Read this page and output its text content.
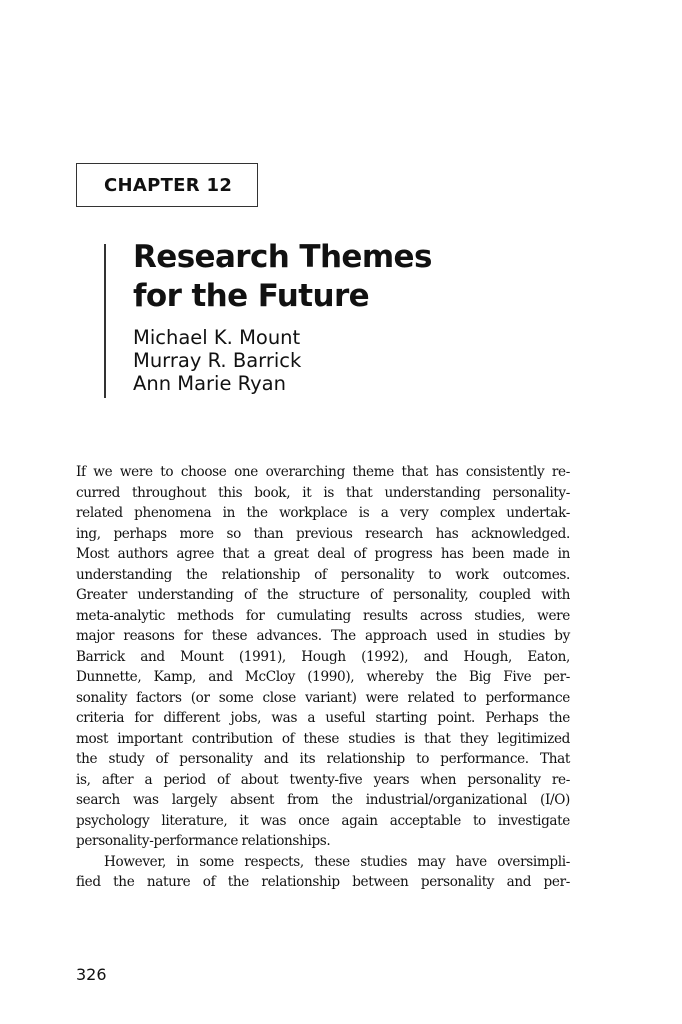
CHAPTER 12
Research Themes
for the Future
Michael K. Mount
Murray R. Barrick
Ann Marie Ryan
If we were to choose one overarching theme that has consistently re-
curred throughout this book, it is that understanding personality-
related phenomena in the workplace is a very complex undertak-
ing, perhaps more so than previous research has acknowledged.
Most authors agree that a great deal of progress has been made in
understanding the relationship of personality to work outcomes.
Greater understanding of the structure of personality, coupled with
meta-analytic methods for cumulating results across studies, were
major reasons for these advances. The approach used in studies by
Barrick and Mount (1991), Hough (1992), and Hough, Eaton,
Dunnette, Kamp, and McCloy (1990), whereby the Big Five per-
sonality factors (or some close variant) were related to performance
criteria for different jobs, was a useful starting point. Perhaps the
most important contribution of these studies is that they legitimized
the study of personality and its relationship to performance. That
is, after a period of about twenty-five years when personality re-
search was largely absent from the industrial/organizational (I/O)
psychology literature, it was once again acceptable to investigate
personality-performance relationships.
However, in some respects, these studies may have oversimpli-
fied the nature of the relationship between personality and per-
326
